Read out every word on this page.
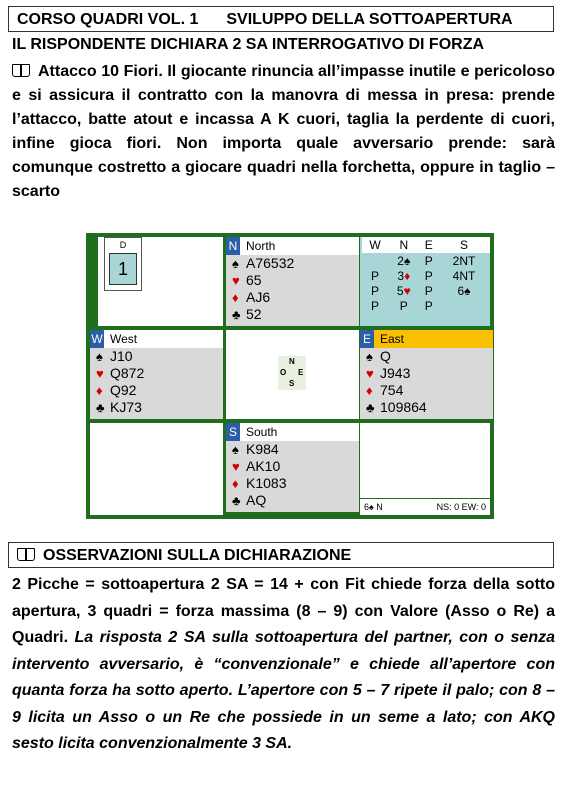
CORSO QUADRI VOL. 1 SVILUPPO DELLA SOTTOAPERTURA
IL RISPONDENTE DICHIARA 2 SA INTERROGATIVO DI FORZA
Attacco 10 Fiori. Il giocante rinuncia all’impasse inutile e pericoloso e si assicura il contratto con la manovra di messa in presa: prende l’attacco, batte atout e incassa A K cuori, taglia la perdente di cuori, infine gioca fiori. Non importa quale avversario prende: sarà comunque costretto a giocare quadri nella forchetta, oppure in taglio – scarto
D
1
N North
♠ A76532
♥ 65
♦ AJ6
♣ 52
W	N	E	S
	2♠	P	2NT
P	3♦	P	4NT
P	5♥	P	6♠
P	P	P	
W West
♠ J10
♥ Q872
♦ Q92
♣ KJ73
N
O E
S
E East
♠ Q
♥ J943
♦ 754
♣ 109864
S South
♠ K984
♥ AK10
♦ K1083
♣ AQ	6♠ N	NS: 0 EW: 0
OSSERVAZIONI SULLA DICHIARAZIONE
2 Picche = sottoapertura 2 SA = 14 + con Fit chiede forza della sotto apertura, 3 quadri = forza massima (8 – 9) con Valore (Asso o Re) a Quadri. La risposta 2 SA sulla sottoapertura del partner, con o senza intervento avversario, è “convenzionale” e chiede all’apertore con quanta forza ha sotto aperto. L’apertore con 5 – 7 ripete il palo; con 8 – 9 licita un Asso o un Re che possiede in un seme a lato; con AKQ sesto licita convenzionalmente 3 SA.
